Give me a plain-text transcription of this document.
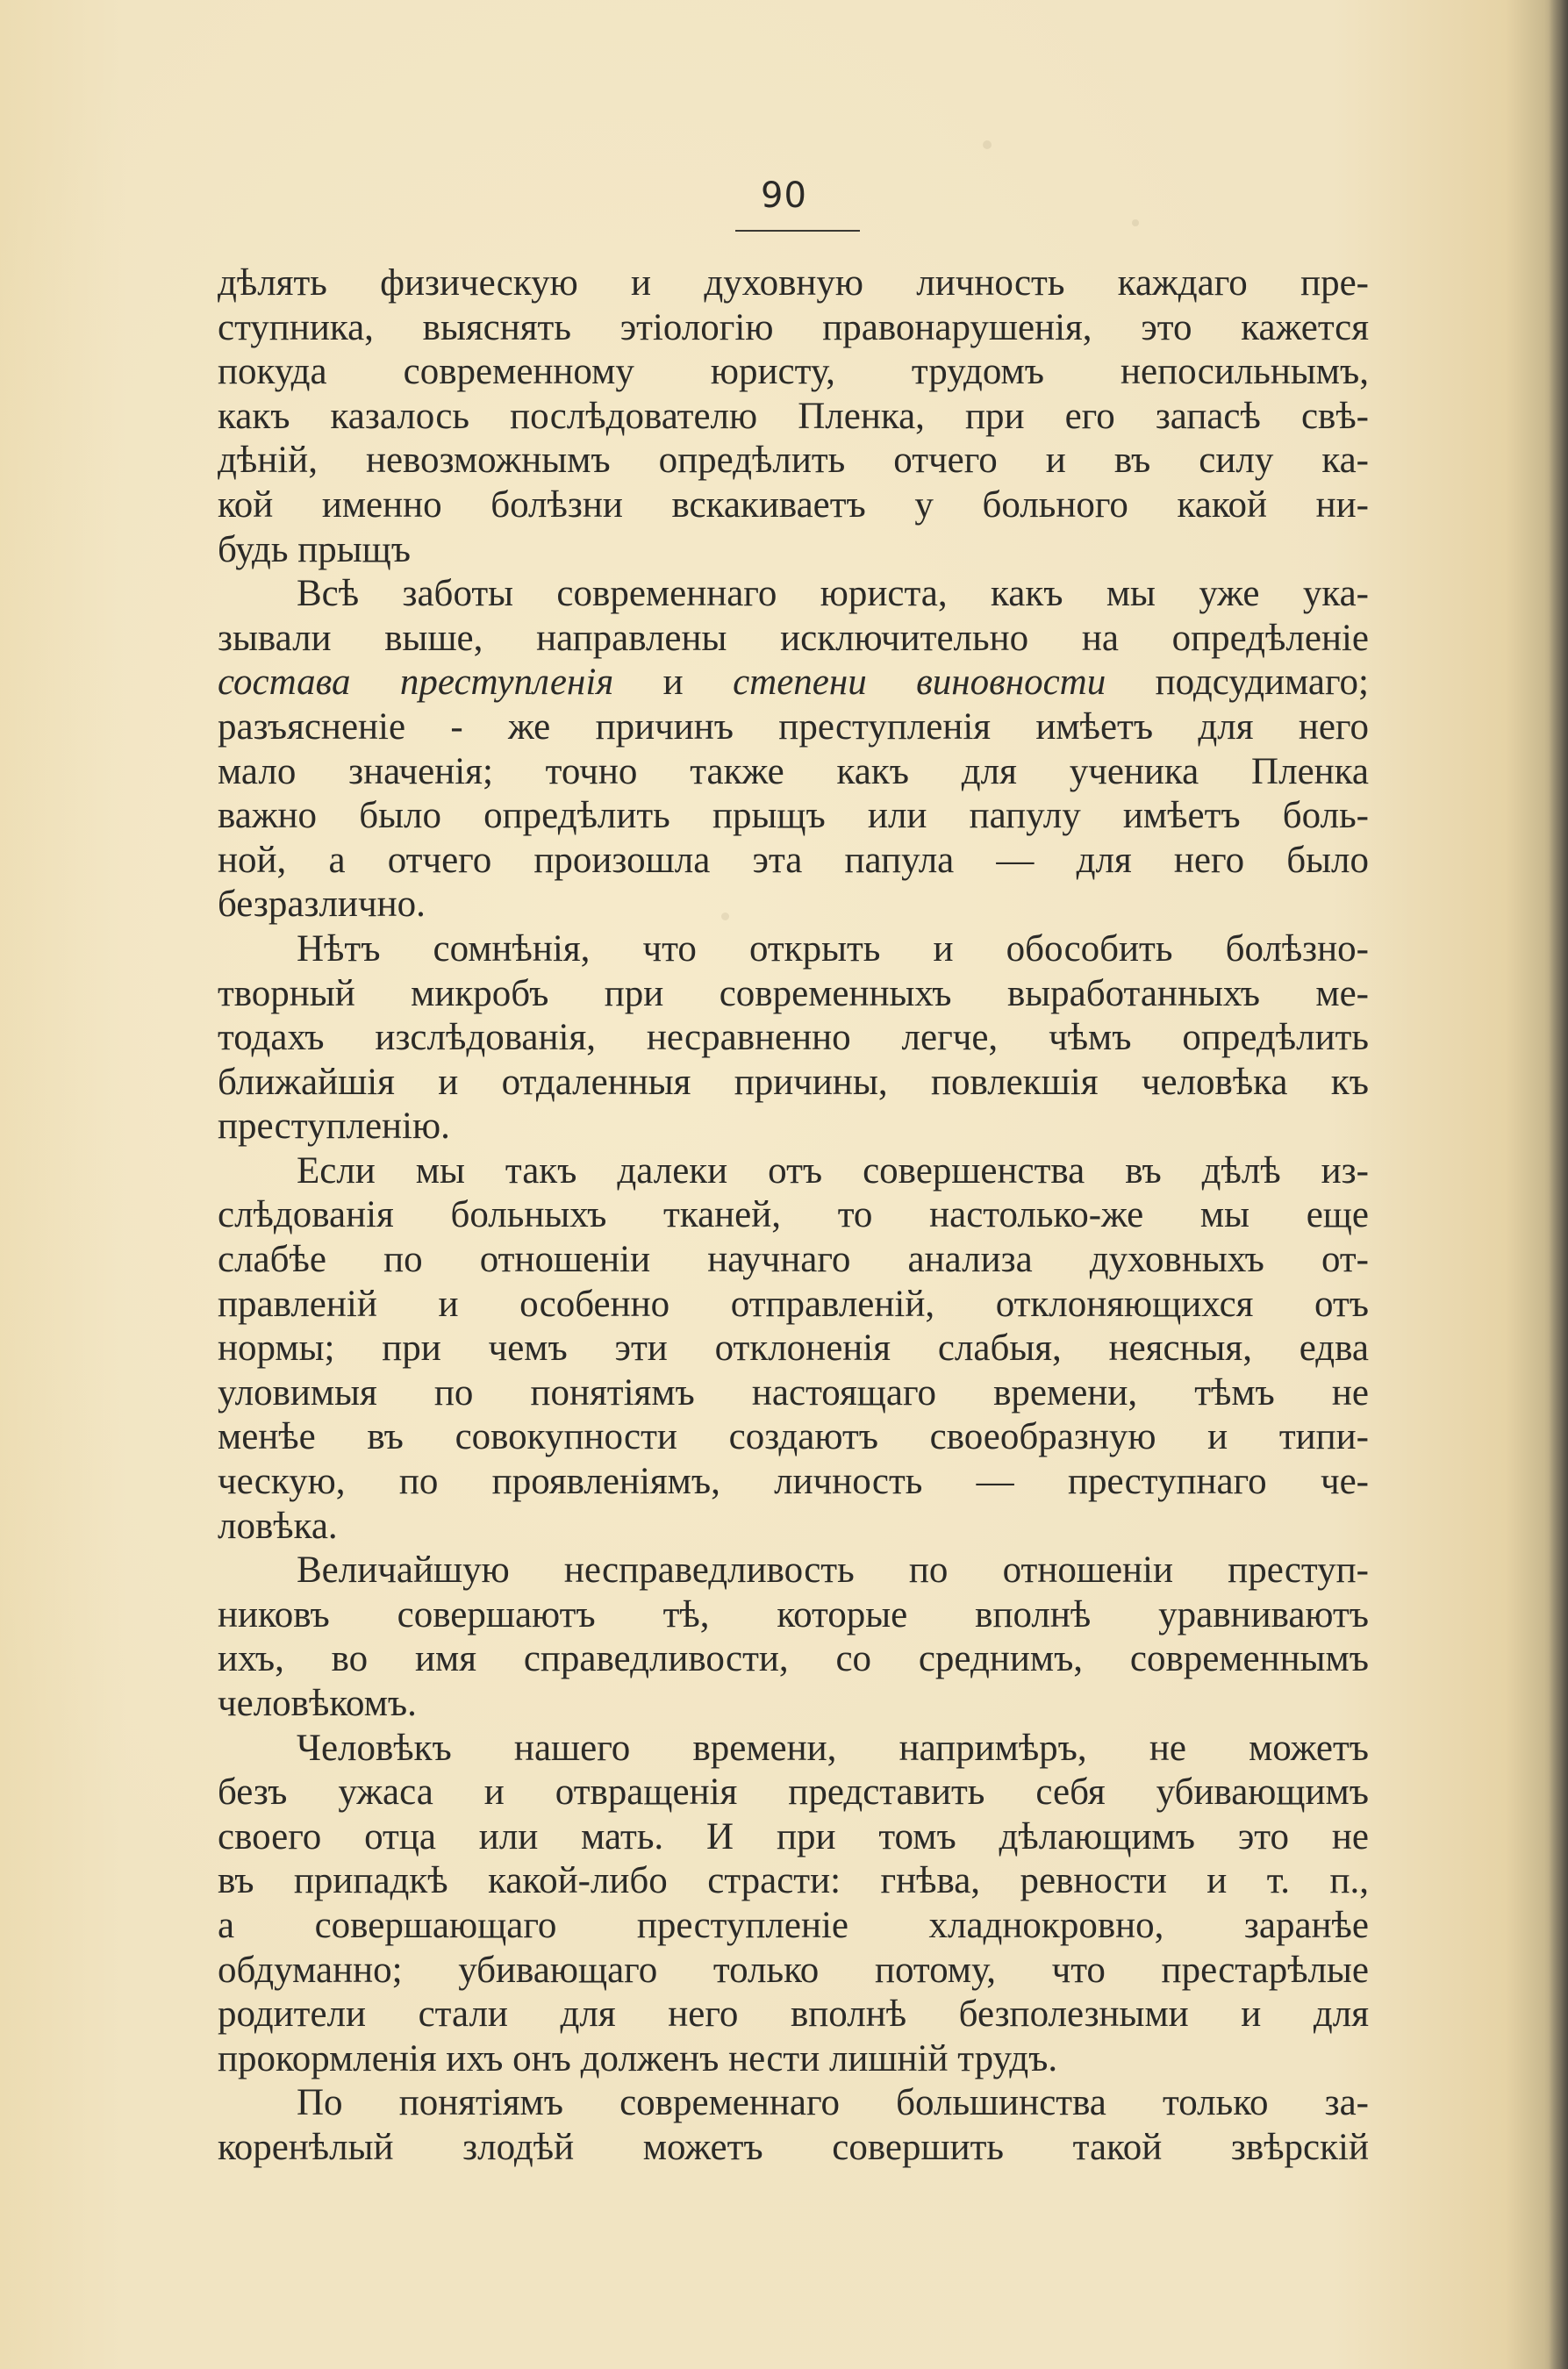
90
дѣлять физическую и духовную личность каждаго пре-
ступника, выяснять этіологію правонарушенія, это кажется
покуда современному юристу, трудомъ непосильнымъ,
какъ казалось послѣдователю Пленка, при его запасѣ свѣ-
дѣній, невозможнымъ опредѣлить отчего и въ силу ка-
кой именно болѣзни вскакиваетъ у больного какой ни-
будь прыщъ
Всѣ заботы современнаго юриста, какъ мы уже ука-
зывали выше, направлены исключительно на опредѣленіе
состава преступленія и степени виновности подсудимаго;
разъясненіе - же причинъ преступленія имѣетъ для него
мало значенія; точно также какъ для ученика Пленка
важно было опредѣлить прыщъ или папулу имѣетъ боль-
ной, а отчего произошла эта папула — для него было
безразлично.
Нѣтъ сомнѣнія, что открыть и обособить болѣзно-
творный микробъ при современныхъ выработанныхъ ме-
тодахъ изслѣдованія, несравненно легче, чѣмъ опредѣлить
ближайшія и отдаленныя причины, повлекшія человѣка къ
преступленію.
Если мы такъ далеки отъ совершенства въ дѣлѣ из-
слѣдованія больныхъ тканей, то настолько-же мы еще
слабѣе по отношеніи научнаго анализа духовныхъ от-
правленій и особенно отправленій, отклоняющихся отъ
нормы; при чемъ эти отклоненія слабыя, неясныя, едва
уловимыя по понятіямъ настоящаго времени, тѣмъ не
менѣе въ совокупности создаютъ своеобразную и типи-
ческую, по проявленіямъ, личность — преступнаго че-
ловѣка.
Величайшую несправедливость по отношеніи преступ-
никовъ совершаютъ тѣ, которые вполнѣ уравниваютъ
ихъ, во имя справедливости, со среднимъ, современнымъ
человѣкомъ.
Человѣкъ нашего времени, напримѣръ, не можетъ
безъ ужаса и отвращенія представить себя убивающимъ
своего отца или мать. И при томъ дѣлающимъ это не
въ припадкѣ какой-либо страсти: гнѣва, ревности и т. п.,
а совершающаго преступленіе хладнокровно, заранѣе
обдуманно; убивающаго только потому, что престарѣлые
родители стали для него вполнѣ безполезными и для
прокормленія ихъ онъ долженъ нести лишній трудъ.
По понятіямъ современнаго большинства только за-
коренѣлый злодѣй можетъ совершить такой звѣрскій
